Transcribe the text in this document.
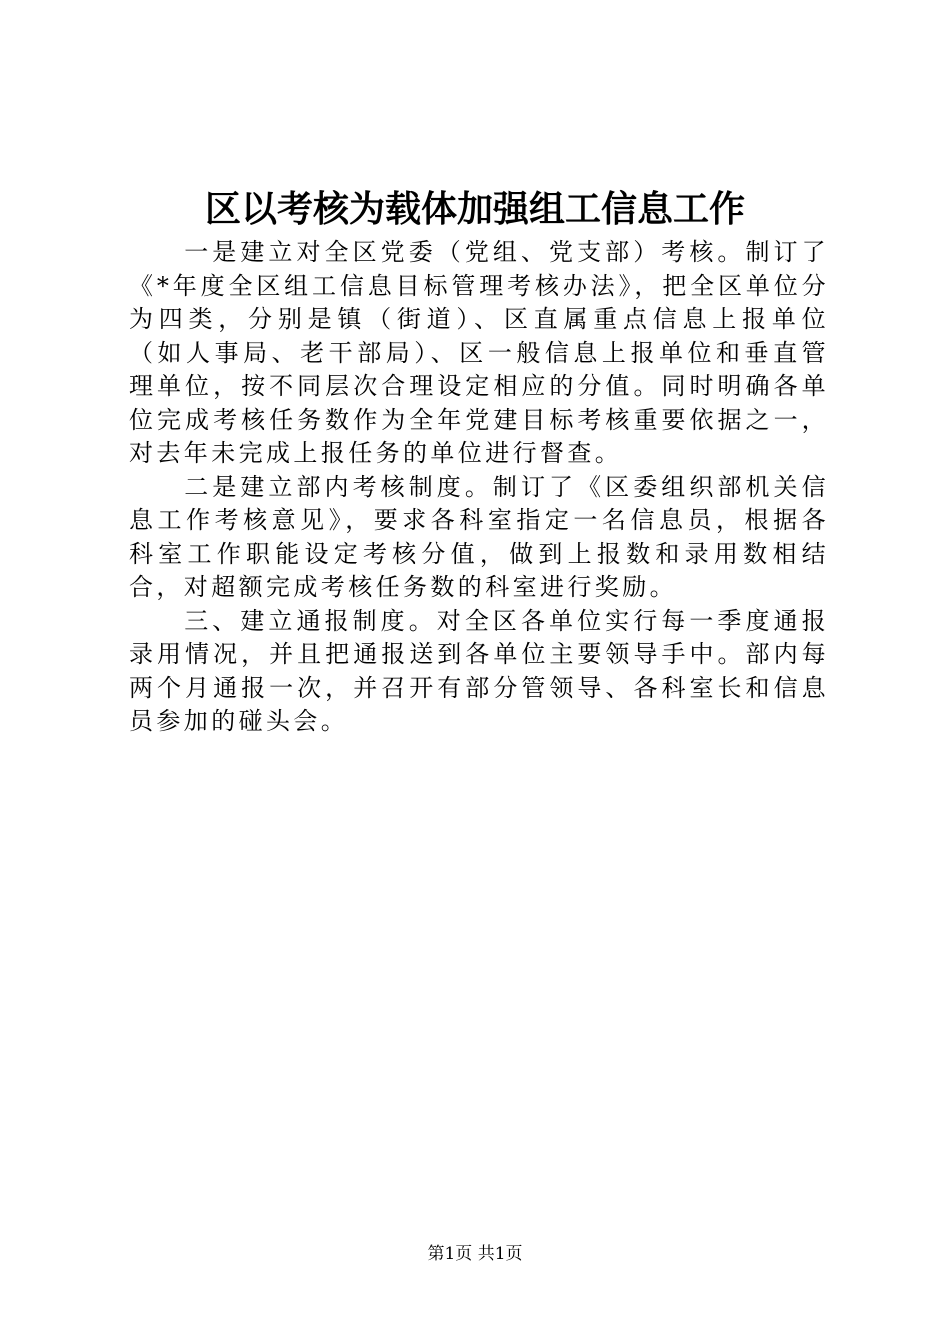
区以考核为载体加强组工信息工作

一是建立对全区党委（党组、党支部）考核。制订了《*年度全区组工信息目标管理考核办法》，把全区单位分为四类，分别是镇（街道）、区直属重点信息上报单位（如人事局、老干部局）、区一般信息上报单位和垂直管理单位，按不同层次合理设定相应的分值。同时明确各单位完成考核任务数作为全年党建目标考核重要依据之一，对去年未完成上报任务的单位进行督查。

二是建立部内考核制度。制订了《区委组织部机关信息工作考核意见》，要求各科室指定一名信息员，根据各科室工作职能设定考核分值，做到上报数和录用数相结合，对超额完成考核任务数的科室进行奖励。

三、建立通报制度。对全区各单位实行每一季度通报录用情况，并且把通报送到各单位主要领导手中。部内每两个月通报一次，并召开有部分管领导、各科室长和信息员参加的碰头会。

第1页 共1页
